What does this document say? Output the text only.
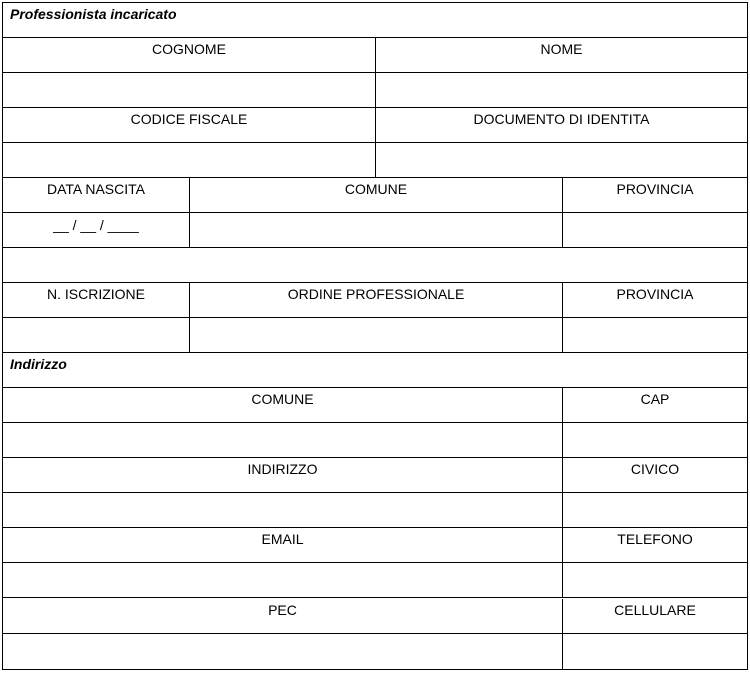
Professionista incaricato
COGNOME	NOME
CODICE FISCALE	DOCUMENTO DI IDENTITA
DATA NASCITA	COMUNE	PROVINCIA
__ / __ / ____
N. ISCRIZIONE	ORDINE PROFESSIONALE	PROVINCIA
Indirizzo
COMUNE	CAP
INDIRIZZO	CIVICO
EMAIL	TELEFONO
PEC	CELLULARE
